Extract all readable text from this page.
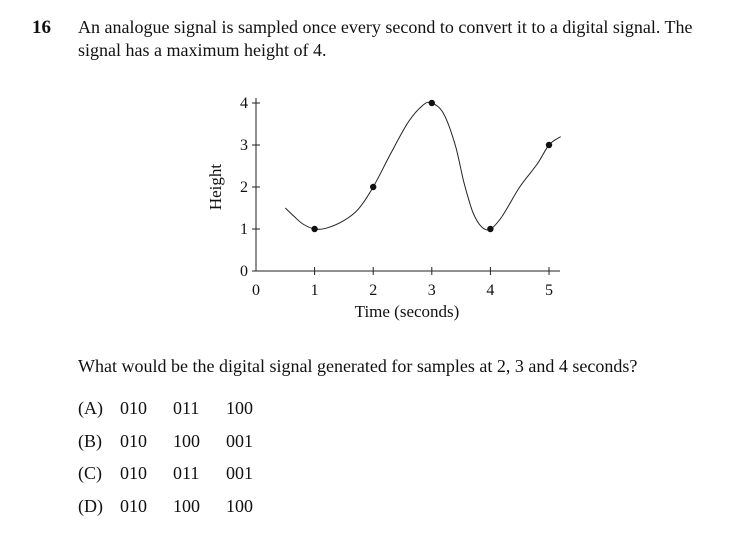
16 An analogue signal is sampled once every second to convert it to a digital signal. The
signal has a maximum height of 4.
0
1
2
3
4
0	1	2	3	4	5
Height
Time (seconds)
What would be the digital signal generated for samples at 2, 3 and 4 seconds?
(A) 010 011 100
(B) 010 100 001
(C) 010 011 001
(D) 010 100 100
